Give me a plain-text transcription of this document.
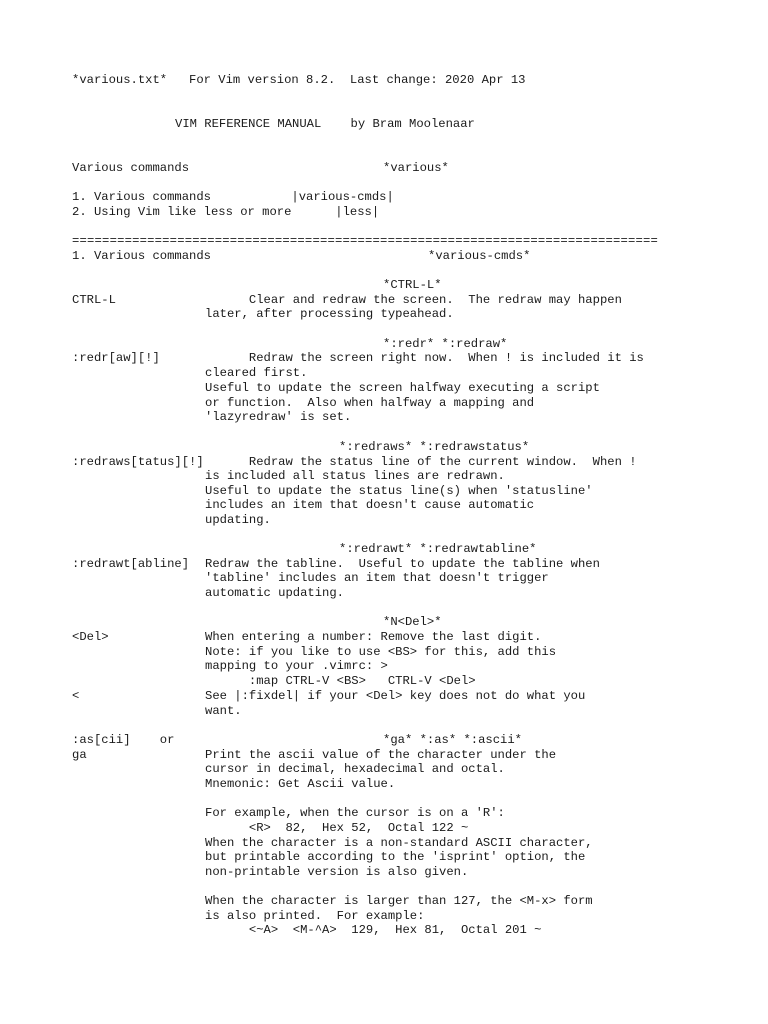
*various.txt*   For Vim version 8.2.  Last change: 2020 Apr 13
VIM REFERENCE MANUAL    by Bram Moolenaar
Various commands	*various*
1. Various commands           |various-cmds|
2. Using Vim like less or more      |less|
==============================================================================
1. Various commands	*various-cmds*
*CTRL-L*
CTRL-L	Clear and redraw the screen.  The redraw may happen
later, after processing typeahead.
*:redr* *:redraw*
:redr[aw][!]	Redraw the screen right now.  When ! is included it is
cleared first.
Useful to update the screen halfway executing a script
or function.  Also when halfway a mapping and
'lazyredraw' is set.
*:redraws* *:redrawstatus*
:redraws[tatus][!] Redraw the status line of the current window.  When !
is included all status lines are redrawn.
Useful to update the status line(s) when 'statusline'
includes an item that doesn't cause automatic
updating.
*:redrawt* *:redrawtabline*
:redrawt[abline] Redraw the tabline.  Useful to update the tabline when
'tabline' includes an item that doesn't trigger
automatic updating.
*N<Del>*
<Del>	When entering a number: Remove the last digit.
Note: if you like to use <BS> for this, add this
mapping to your .vimrc: >
:map CTRL-V <BS>   CTRL-V <Del>
<	See |:fixdel| if your <Del> key does not do what you
want.
*ga* *:as* *:ascii*
:as[cii]    or
ga	Print the ascii value of the character under the
cursor in decimal, hexadecimal and octal.
Mnemonic: Get Ascii value.
For example, when the cursor is on a 'R':
<R>  82,  Hex 52,  Octal 122 ~
When the character is a non-standard ASCII character,
but printable according to the 'isprint' option, the
non-printable version is also given.
When the character is larger than 127, the <M-x> form
is also printed.  For example:
<~A>  <M-^A>  129,  Hex 81,  Octal 201 ~
